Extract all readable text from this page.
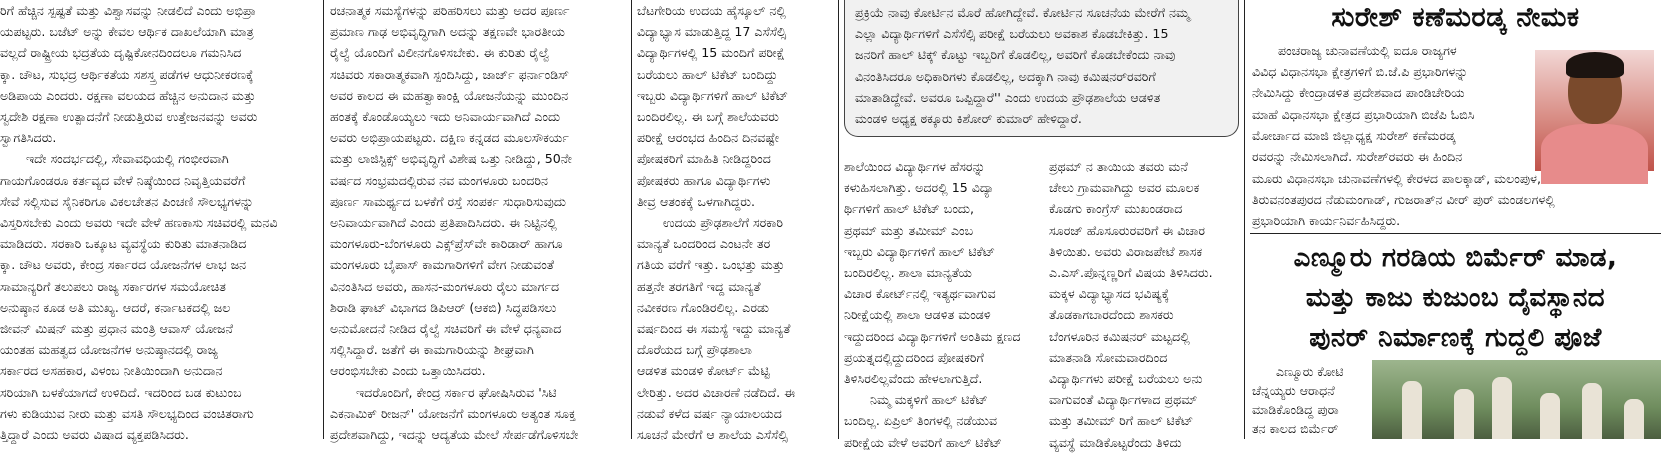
ರಿಗೆ ಹೆಚ್ಚಿನ ಸ್ಪಷ್ಟತೆ ಮತ್ತು ವಿಶ್ವಾಸವನ್ನು ನೀಡಲಿದೆ ಎಂದು ಅಭಿಪ್ರಾ

ಯಪಟ್ಟರು. ಬಜೆಟ್ ಅನ್ನು ಕೇವಲ ಆರ್ಥಿಕ ದಾಖಲೆಯಾಗಿ ಮಾತ್ರ

ವಲ್ಲದೆ ರಾಷ್ಟ್ರೀಯ ಭದ್ರತೆಯ ದೃಷ್ಟಿಕೋನದಿಂದಲೂ ಗಮನಿಸಿದ

ಕ್ಕಾ. ಚೌಟ, ಸುಭದ್ರ ಆರ್ಥಿಕತೆಯ ಸಶಸ್ತ್ರ ಪಡೆಗಳ ಆಧುನೀಕರಣಕ್ಕೆ

ಅಡಿಪಾಯ ಎಂದರು. ರಕ್ಷಣಾ ವಲಯದ ಹೆಚ್ಚಿನ ಅನುದಾನ ಮತ್ತು

ಸ್ವದೇಶಿ ರಕ್ಷಣಾ ಉತ್ಪಾದನೆಗೆ ನೀಡುತ್ತಿರುವ ಉತ್ತೇಜನವನ್ನು ಅವರು

ಸ್ವಾಗತಿಸಿದರು.

ಇದೇ ಸಂದರ್ಭದಲ್ಲಿ, ಸೇವಾವಧಿಯಲ್ಲಿ ಗಂಭೀರವಾಗಿ

ಗಾಯಗೊಂಡರೂ ಕರ್ತವ್ಯದ ವೇಳೆ ನಿಷ್ಠೆಯಿಂದ ನಿವೃತ್ತಿಯವರೆಗೆ

ಸೇವೆ ಸಲ್ಲಿಸುವ ಸೈನಿಕರಿಗೂ ವಿಕಲಚೇತನ ಪಿಂಚಣಿ ಸೌಲಭ್ಯಗಳನ್ನು

ವಿಸ್ತರಿಸಬೇಕು ಎಂದು ಅವರು ಇದೇ ವೇಳೆ ಹಣಕಾಸು ಸಚಿವರಲ್ಲಿ ಮನವಿ

ಮಾಡಿದರು. ಸರಕಾರಿ ಒಕ್ಕೂಟ ವ್ಯವಸ್ಥೆಯ ಕುರಿತು ಮಾತನಾಡಿದ

ಕ್ಕಾ. ಚೌಟ ಅವರು, ಕೇಂದ್ರ ಸರ್ಕಾರದ ಯೋಜನೆಗಳ ಲಾಭ ಜನ

ಸಾಮಾನ್ಯರಿಗೆ ತಲುಪಲು ರಾಜ್ಯ ಸರ್ಕಾರಗಳ ಸಮಯೋಚಿತ

ಅನುಷ್ಠಾನ ಕೂಡ ಅತಿ ಮುಖ್ಯ. ಆದರೆ, ಕರ್ನಾಟಕದಲ್ಲಿ ಜಲ

ಜೀವನ್ ಮಿಷನ್ ಮತ್ತು ಪ್ರಧಾನ ಮಂತ್ರಿ ಆವಾಸ್ ಯೋಜನೆ

ಯಂತಹ ಮಹತ್ವದ ಯೋಜನೆಗಳ ಅನುಷ್ಠಾನದಲ್ಲಿ ರಾಜ್ಯ

ಸರ್ಕಾರದ ಅಸಹಕಾರ, ವಿಳಂಬ ನೀತಿಯಿಂದಾಗಿ ಅನುದಾನ

ಸರಿಯಾಗಿ ಬಳಕೆಯಾಗದೆ ಉಳಿದಿದೆ. ಇದರಿಂದ ಬಡ ಕುಟುಂಬ

ಗಳು ಕುಡಿಯುವ ನೀರು ಮತ್ತು ವಸತಿ ಸೌಲಭ್ಯದಿಂದ ವಂಚಿತರಾಗು

ತ್ತಿದ್ದಾರೆ ಎಂದು ಅವರು ವಿಷಾದ ವ್ಯಕ್ತಪಡಿಸಿದರು.

ರಚನಾತ್ಮಕ ಸಮಸ್ಯೆಗಳನ್ನು ಪರಿಹರಿಸಲು ಮತ್ತು ಅದರ ಪೂರ್ಣ

ಪ್ರಮಾಣ ಗಾಢ ಅಭಿವೃದ್ಧಿಗಾಗಿ ಅದನ್ನು ತಕ್ಷಣವೇ ಭಾರತೀಯ

ರೈಲ್ವೆ ಯೊಂದಿಗೆ ವಿಲೀನಗೊಳಿಸಬೇಕು. ಈ ಕುರಿತು ರೈಲ್ವೆ

ಸಚಿವರು ಸಕಾರಾತ್ಮಕವಾಗಿ ಸ್ಪಂದಿಸಿದ್ದು, ಜಾರ್ಜ್ ಫರ್ನಾಂಡಿಸ್

ಅವರ ಕಾಲದ ಈ ಮಹತ್ವಾಕಾಂಕ್ಷಿ ಯೋಜನೆಯನ್ನು ಮುಂದಿನ

ಹಂತಕ್ಕೆ ಕೊಂಡೊಯ್ಯಲು ಇದು ಅನಿವಾರ್ಯವಾಗಿದೆ ಎಂದು

ಅವರು ಅಭಿಪ್ರಾಯಪಟ್ಟರು. ದಕ್ಷಿಣ ಕನ್ನಡದ ಮೂಲಸೌಕರ್ಯ

ಮತ್ತು ಲಾಜಿಸ್ಟಿಕ್ಸ್ ಅಭಿವೃದ್ಧಿಗೆ ವಿಶೇಷ ಒತ್ತು ನೀಡಿದ್ದು, 50ನೇ

ವರ್ಷದ ಸಂಭ್ರಮದಲ್ಲಿರುವ ನವ ಮಂಗಳೂರು ಬಂದರಿನ

ಪೂರ್ಣ ಸಾಮರ್ಥ್ಯದ ಬಳಕೆಗೆ ರಸ್ತೆ ಸಂಪರ್ಕ ಸುಧಾರಿಸುವುದು

ಅನಿವಾರ್ಯವಾಗಿದೆ ಎಂದು ಪ್ರತಿಪಾದಿಸಿದರು. ಈ ನಿಟ್ಟಿನಲ್ಲಿ

ಮಂಗಳೂರು-ಬೆಂಗಳೂರು ಎಕ್ಸ್‌ಪ್ರೆಸ್‌ವೇ ಕಾರಿಡಾರ್ ಹಾಗೂ

ಮಂಗಳೂರು ಬೈಪಾಸ್ ಕಾಮಗಾರಿಗಳಿಗೆ ವೇಗ ನೀಡುವಂತೆ

ವಿನಂತಿಸಿದ ಅವರು, ಹಾಸನ-ಮಂಗಳೂರು ರೈಲು ಮಾರ್ಗದ

ಶಿರಾಡಿ ಘಾಟ್ ವಿಭಾಗದ ಡಿಪಿಆರ್ (ಆಕಬಿ) ಸಿದ್ಧಪಡಿಸಲು

ಅನುಮೋದನೆ ನೀಡಿದ ರೈಲ್ವೆ ಸಚಿವರಿಗೆ ಈ ವೇಳೆ ಧನ್ಯವಾದ

ಸಲ್ಲಿಸಿದ್ದಾರೆ. ಜತೆಗೆ ಈ ಕಾಮಗಾರಿಯನ್ನು ಶೀಘ್ರವಾಗಿ

ಆರಂಭಿಸಬೇಕು ಎಂದು ಒತ್ತಾಯಿಸಿದರು.

ಇದರೊಂದಿಗೆ, ಕೇಂದ್ರ ಸರ್ಕಾರ ಘೋಷಿಸಿರುವ 'ಸಿಟಿ

ಎಕನಾಮಿಕ್ ರೀಜನ್' ಯೋಜನೆಗೆ ಮಂಗಳೂರು ಅತ್ಯಂತ ಸೂಕ್ತ

ಪ್ರದೇಶವಾಗಿದ್ದು, ಇದನ್ನು ಆದ್ಯತೆಯ ಮೇಲೆ ಸೇರ್ಪಡೆಗೊಳಿಸಬೇ

ಬೆಟಗೇರಿಯ ಉದಯ ಹೈಸ್ಕೂಲ್ ನಲ್ಲಿ

ವಿದ್ಯಾಭ್ಯಾಸ ಮಾಡುತ್ತಿದ್ದ 17 ಎಸೆಸೆಲ್ಸಿ

ವಿದ್ಯಾರ್ಥಿಗಳಲ್ಲಿ 15 ಮಂದಿಗೆ ಪರೀಕ್ಷೆ

ಬರೆಯಲು ಹಾಲ್ ಟಿಕೆಟ್ ಬಂದಿದ್ದು

ಇಬ್ಬರು ವಿದ್ಯಾರ್ಥಿಗಳಿಗೆ ಹಾಲ್ ಟಿಕೆಟ್

ಬಂದಿರಲಿಲ್ಲ. ಈ ಬಗ್ಗೆ ಶಾಲೆಯವರು

ಪರೀಕ್ಷೆ ಆರಂಭದ ಹಿಂದಿನ ದಿನವಷ್ಟೇ

ಪೋಷಕರಿಗೆ ಮಾಹಿತಿ ನೀಡಿದ್ದರಿಂದ

ಪೋಷಕರು ಹಾಗೂ ವಿದ್ಯಾರ್ಥಿಗಳು

ತೀವ್ರ ಆತಂಕಕ್ಕೆ ಒಳಗಾಗಿದ್ದರು.

ಉದಯ ಪ್ರೌಢಶಾಲೆಗೆ ಸರಕಾರಿ

ಮಾನ್ಯತೆ ಒಂದರಿಂದ ಎಂಟನೇ ತರ

ಗತಿಯ ವರೆಗೆ ಇತ್ತು. ಒಂಭತ್ತು ಮತ್ತು

ಹತ್ತನೇ ತರಗತಿಗೆ ಇದ್ದ ಮಾನ್ಯತೆ

ನವೀಕರಣ ಗೊಂಡಿರಲಿಲ್ಲ. ಎರಡು

ವರ್ಷದಿಂದ ಈ ಸಮಸ್ಯೆ ಇದ್ದು ಮಾನ್ಯತೆ

ದೊರೆಯದ ಬಗ್ಗೆ ಪ್ರೌಢಶಾಲಾ

ಆಡಳಿತ ಮಂಡಳಿ ಕೋರ್ಟ್ ಮೆಟ್ಟಿ

ಲೇರಿತ್ತು. ಅದರ ವಿಚಾರಣೆ ನಡೆದಿದೆ. ಈ

ನಡುವೆ ಕಳೆದ ವರ್ಷ ನ್ಯಾಯಾಲಯದ

ಸೂಚನೆ ಮೇರೆಗೆ ಆ ಶಾಲೆಯ ಎಸೆಸೆಲ್ಸಿ

ಪ್ರಕ್ರಿಯೆ ನಾವು ಕೋರ್ಟಿನ ಮೊರೆ ಹೋಗಿದ್ದೇವೆ. ಕೋರ್ಟಿನ ಸೂಚನೆಯ ಮೇರೆಗೆ ನಮ್ಮ

ಎಲ್ಲಾ ವಿದ್ಯಾರ್ಥಿಗಳಿಗೆ ಎಸೆಸೆಲ್ಸಿ ಪರೀಕ್ಷೆ ಬರೆಯಲು ಅವಕಾಶ ಕೊಡಬೇಕಿತ್ತು. 15

ಜನರಿಗೆ ಹಾಲ್ ಟಿಕ್ಕ್ ಕೊಟ್ಟು ಇಬ್ಬರಿಗೆ ಕೊಡಲಿಲ್ಲ, ಅವರಿಗೆ ಕೊಡಬೇಕೆಂದು ನಾವು

ವಿನಂತಿಸಿದರೂ ಅಧಿಕಾರಿಗಳು ಕೊಡಲಿಲ್ಲ, ಅದಕ್ಕಾಗಿ ನಾವು ಕಮಿಷನರ್‌ರವರಿಗೆ

ಮಾತಾಡಿದ್ದೇವೆ. ಅವರೂ ಒಪ್ಪಿದ್ದಾರೆ'' ಎಂದು ಉದಯ ಪ್ರೌಢಶಾಲೆಯ ಆಡಳಿತ

ಮಂಡಳಿ ಅಧ್ಯಕ್ಷ ಠಕ್ಕೂರು ಕಿಶೋರ್ ಕುಮಾರ್ ಹೇಳಿದ್ದಾರೆ.

ಶಾಲೆಯಿಂದ ವಿದ್ಯಾರ್ಥಿಗಳ ಹೆಸರನ್ನು

ಕಳುಹಿಸಲಾಗಿತ್ತು. ಅದರಲ್ಲಿ 15 ವಿದ್ಯಾ

ರ್ಥಿಗಳಿಗೆ ಹಾಲ್ ಟಿಕೆಟ್ ಬಂದು,

ಪ್ರಥಮ್ ಮತ್ತು ತಮೀಮ್ ಎಂಬ

ಇಬ್ಬರು ವಿದ್ಯಾರ್ಥಿಗಳಿಗೆ ಹಾಲ್ ಟಿಕೆಟ್

ಬಂದಿರಲಿಲ್ಲ. ಶಾಲಾ ಮಾನ್ಯತೆಯ

ವಿಚಾರ ಕೋರ್ಟ್‌ನಲ್ಲಿ ಇತ್ಯರ್ಥವಾಗುವ

ನಿರೀಕ್ಷೆಯಲ್ಲಿ ಶಾಲಾ ಆಡಳಿತ ಮಂಡಳಿ

ಇದ್ದುದರಿಂದ ವಿದ್ಯಾರ್ಥಿಗಳಿಗೆ ಅಂತಿಮ ಕ್ಷಣದ

ಪ್ರಯತ್ನದಲ್ಲಿದ್ದುದರಿಂದ ಪೋಷಕರಿಗೆ

ತಿಳಿಸಿರಲಿಲ್ಲವೆಂದು ಹೇಳಲಾಗುತ್ತಿದೆ.

ನಿಮ್ಮ ಮಕ್ಕಳಿಗೆ ಹಾಲ್ ಟಿಕೆಟ್

ಬಂದಿಲ್ಲ. ಏಪ್ರಿಲ್ ತಿಂಗಳಲ್ಲಿ ನಡೆಯುವ

ಪರೀಕ್ಷೆಯ ವೇಳೆ ಅವರಿಗೆ ಹಾಲ್ ಟಿಕೆಟ್

ಪ್ರಥಮ್ ನ ತಾಯಿಯ ತವರು ಮನೆ

ಚೇಲು ಗ್ರಾಮವಾಗಿದ್ದು ಅವರ ಮೂಲಕ

ಕೊಡಗು ಕಾಂಗ್ರೆಸ್ ಮುಖಂಡರಾದ

ಸೂರಜ್ ಹೊಸೂರುರವರಿಗೆ ಈ ವಿಚಾರ

ತಿಳಿಯಿತು. ಅವರು ವಿರಾಜಪೇಟೆ ಶಾಸಕ

ಎ.ಎಸ್.ಪೊನ್ನಣ್ಣರಿಗೆ ವಿಷಯ ತಿಳಿಸಿದರು.

ಮಕ್ಕಳ ವಿದ್ಯಾಭ್ಯಾಸದ ಭವಿಷ್ಯಕ್ಕೆ

ತೊಡಕಾಗಬಾರದೆಂದು ಶಾಸಕರು

ಬೆಂಗಳೂರಿನ ಕಮಿಷನರ್ ಮಟ್ಟದಲ್ಲಿ

ಮಾತನಾಡಿ ಸೋಮವಾರದಿಂದ

ವಿದ್ಯಾರ್ಥಿಗಳು ಪರೀಕ್ಷೆ ಬರೆಯಲು ಅನು

ವಾಗುವಂತೆ ವಿದ್ಯಾರ್ಥಿಗಳಾದ ಪ್ರಥಮ್

ಮತ್ತು ತಮೀಮ್ ರಿಗೆ ಹಾಲ್ ಟಿಕೆಟ್

ವ್ಯವಸ್ಥೆ ಮಾಡಿಕೊಟ್ಟರೆಂದು ತಿಳಿದು

ಸುರೇಶ್ ಕಣೆಮರಡ್ಕ ನೇಮಕ

ಪಂಚರಾಜ್ಯ ಚುನಾವಣೆಯಲ್ಲಿ ಐದೂ ರಾಜ್ಯಗಳ

ವಿವಿಧ ವಿಧಾನಸಭಾ ಕ್ಷೇತ್ರಗಳಿಗೆ ಬಿ.ಜೆ.ಪಿ ಪ್ರಭಾರಿಗಳನ್ನು

ನೇಮಿಸಿದ್ದು ಕೇಂದ್ರಾಡಳಿತ ಪ್ರದೇಶವಾದ ಪಾಂಡಿಚೇರಿಯ

ಮಾಹೆ ವಿಧಾನಸಭಾ ಕ್ಷೇತ್ರದ ಪ್ರಭಾರಿಯಾಗಿ ಬಿಜೆಪಿ ಓಬಿಸಿ

ಮೋರ್ಚಾದ ಮಾಜಿ ಜಿಲ್ಲಾಧ್ಯಕ್ಷ ಸುರೇಶ್ ಕಣೆಮರಡ್ಕ

ರವರನ್ನು ನೇಮಿಸಲಾಗಿದೆ. ಸುರೇಶ್‌ರವರು ಈ ಹಿಂದಿನ

ಮೂರು ವಿಧಾನಸಭಾ ಚುನಾವಣೆಗಳಲ್ಲಿ ಕೇರಳದ ಪಾಲಕ್ಕಾಡ್, ಮಲಂಪುಳ,

ತಿರುವನಂತಪುರದ ನೆಡುಮಂಗಾಡ್, ಗುಜರಾತ್‌ನ ವೀರ್ ಪುರ್ ಮಂಡಲಗಳಲ್ಲಿ

ಪ್ರಭಾರಿಯಾಗಿ ಕಾರ್ಯನಿರ್ವಹಿಸಿದ್ದರು.

ಎಣ್ಮೂರು ಗರಡಿಯ ಬಿರ್ಮೆರ್ ಮಾಡ,
ಮತ್ತು ಕಾಜು ಕುಜುಂಬ ದೈವಸ್ಥಾನದ
ಪುನರ್ ನಿರ್ಮಾಣಕ್ಕೆ ಗುದ್ದಲಿ ಪೂಜೆ

ಎಣ್ಮೂರು ಕೋಟಿ

ಚೆನ್ನಯ್ಯರು ಆರಾಧನೆ

ಮಾಡಿಕೊಂಡಿದ್ದ ಪುರಾ

ತನ ಕಾಲದ ಬಿರ್ಮೆರ್
